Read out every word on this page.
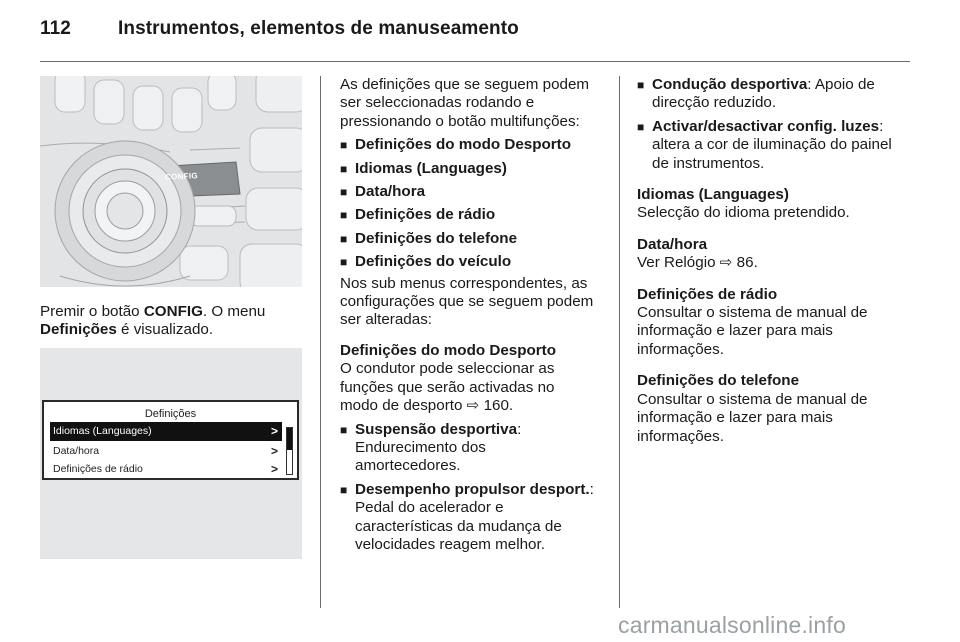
112 Instrumentos, elementos de manuseamento
CONFIG
Premir o botão CONFIG. O menu
Definições é visualizado.
Definições
Idiomas (Languages)	>
Data/hora	>
Definições de rádio	>

As definições que se seguem podem
ser seleccionadas rodando e
pressionando o botão multifunções:

■ Definições do modo Desporto
■ Idiomas (Languages)
■ Data/hora
■ Definições de rádio
■ Definições do telefone
■ Definições do veículo

Nos sub menus correspondentes, as
configurações que se seguem podem
ser alteradas:

Definições do modo Desporto

O condutor pode seleccionar as
funções que serão activadas no
modo de desporto ⇨ 160.

■ Suspensão desportiva:
Endurecimento dos
amortecedores.
■ Desempenho propulsor desport.:
Pedal do acelerador e
características da mudança de
velocidades reagem melhor.
■ Condução desportiva: Apoio de
direcção reduzido.
■ Activar/desactivar config. luzes:
altera a cor de iluminação do painel
de instrumentos.

Idiomas (Languages)

Selecção do idioma pretendido.

Data/hora

Ver Relógio ⇨ 86.

Definições de rádio

Consultar o sistema de manual de
informação e lazer para mais
informações.

Definições do telefone

Consultar o sistema de manual de
informação e lazer para mais
informações.

carmanualsonline.info
